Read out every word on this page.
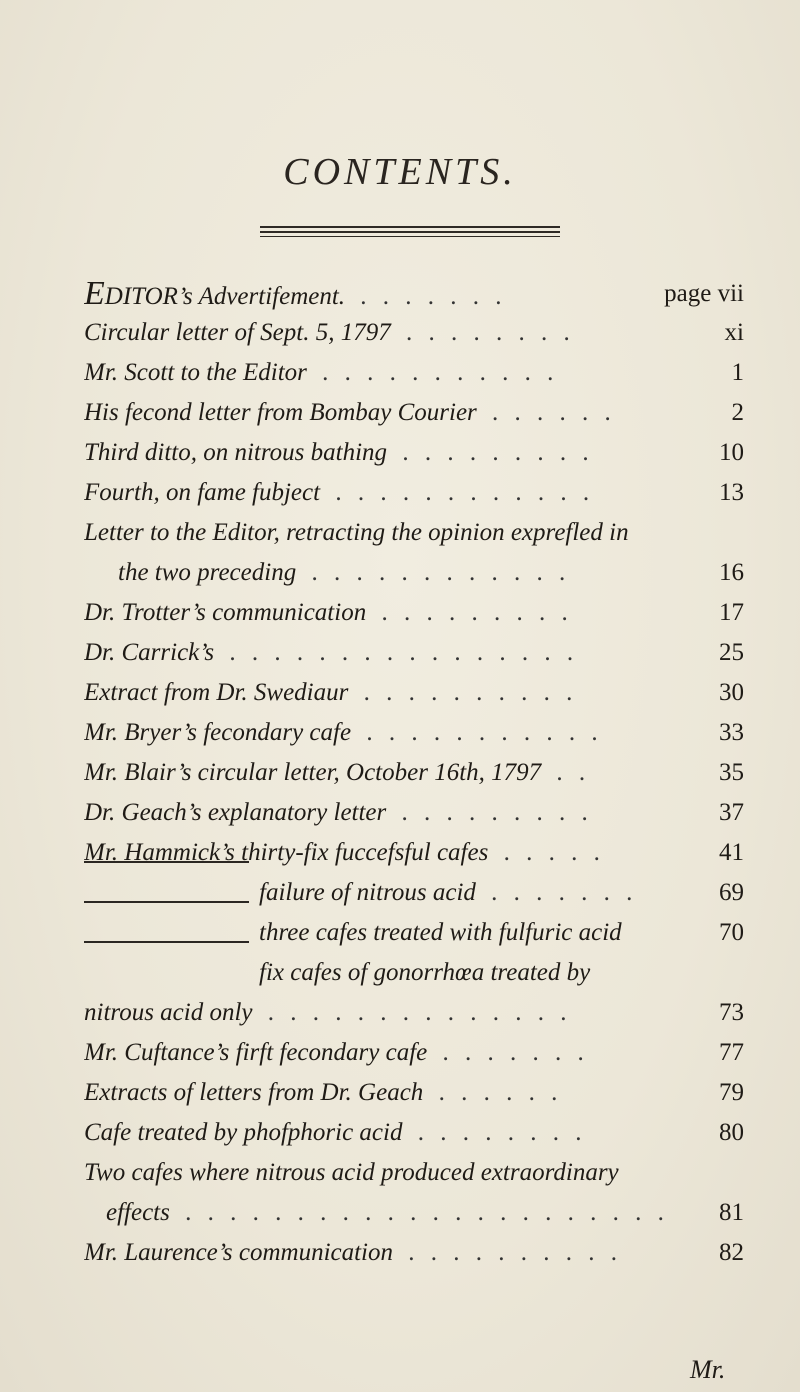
CONTENTS.
EDITOR’s Advertifement. . . . . . . .	page vii
Circular letter of Sept. 5, 1797 . . . . . . . .	xi
Mr. Scott to the Editor . . . . . . . . . . .	1
His fecond letter from Bombay Courier . . . . . .	2
Third ditto, on nitrous bathing . . . . . . . . .	10
Fourth, on fame fubject . . . . . . . . . . . .	13
Letter to the Editor, retracting the opinion exprefled in
the two preceding . . . . . . . . . . . .	16
Dr. Trotter’s communication . . . . . . . . .	17
Dr. Carrick’s . . . . . . . . . . . . . . . .	25
Extract from Dr. Swediaur . . . . . . . . . .	30
Mr. Bryer’s fecondary cafe . . . . . . . . . . .	33
Mr. Blair’s circular letter, October 16th, 1797 . .	35
Dr. Geach’s explanatory letter . . . . . . . . .	37
Mr. Hammick’s thirty-fix fuccefsful cafes . . . . .	41
failure of nitrous acid . . . . . . .	69
three cafes treated with fulfuric acid	70
fix cafes of gonorrhœa treated by
nitrous acid only . . . . . . . . . . . . . .	73
Mr. Cuftance’s firft fecondary cafe . . . . . . .	77
Extracts of letters from Dr. Geach . . . . . .	79
Cafe treated by phofphoric acid . . . . . . . .	80
Two cafes where nitrous acid produced extraordinary
effects . . . . . . . . . . . . . . . . . . . . . . 81
Mr. Laurence’s communication . . . . . . . . . .	82
Mr.
